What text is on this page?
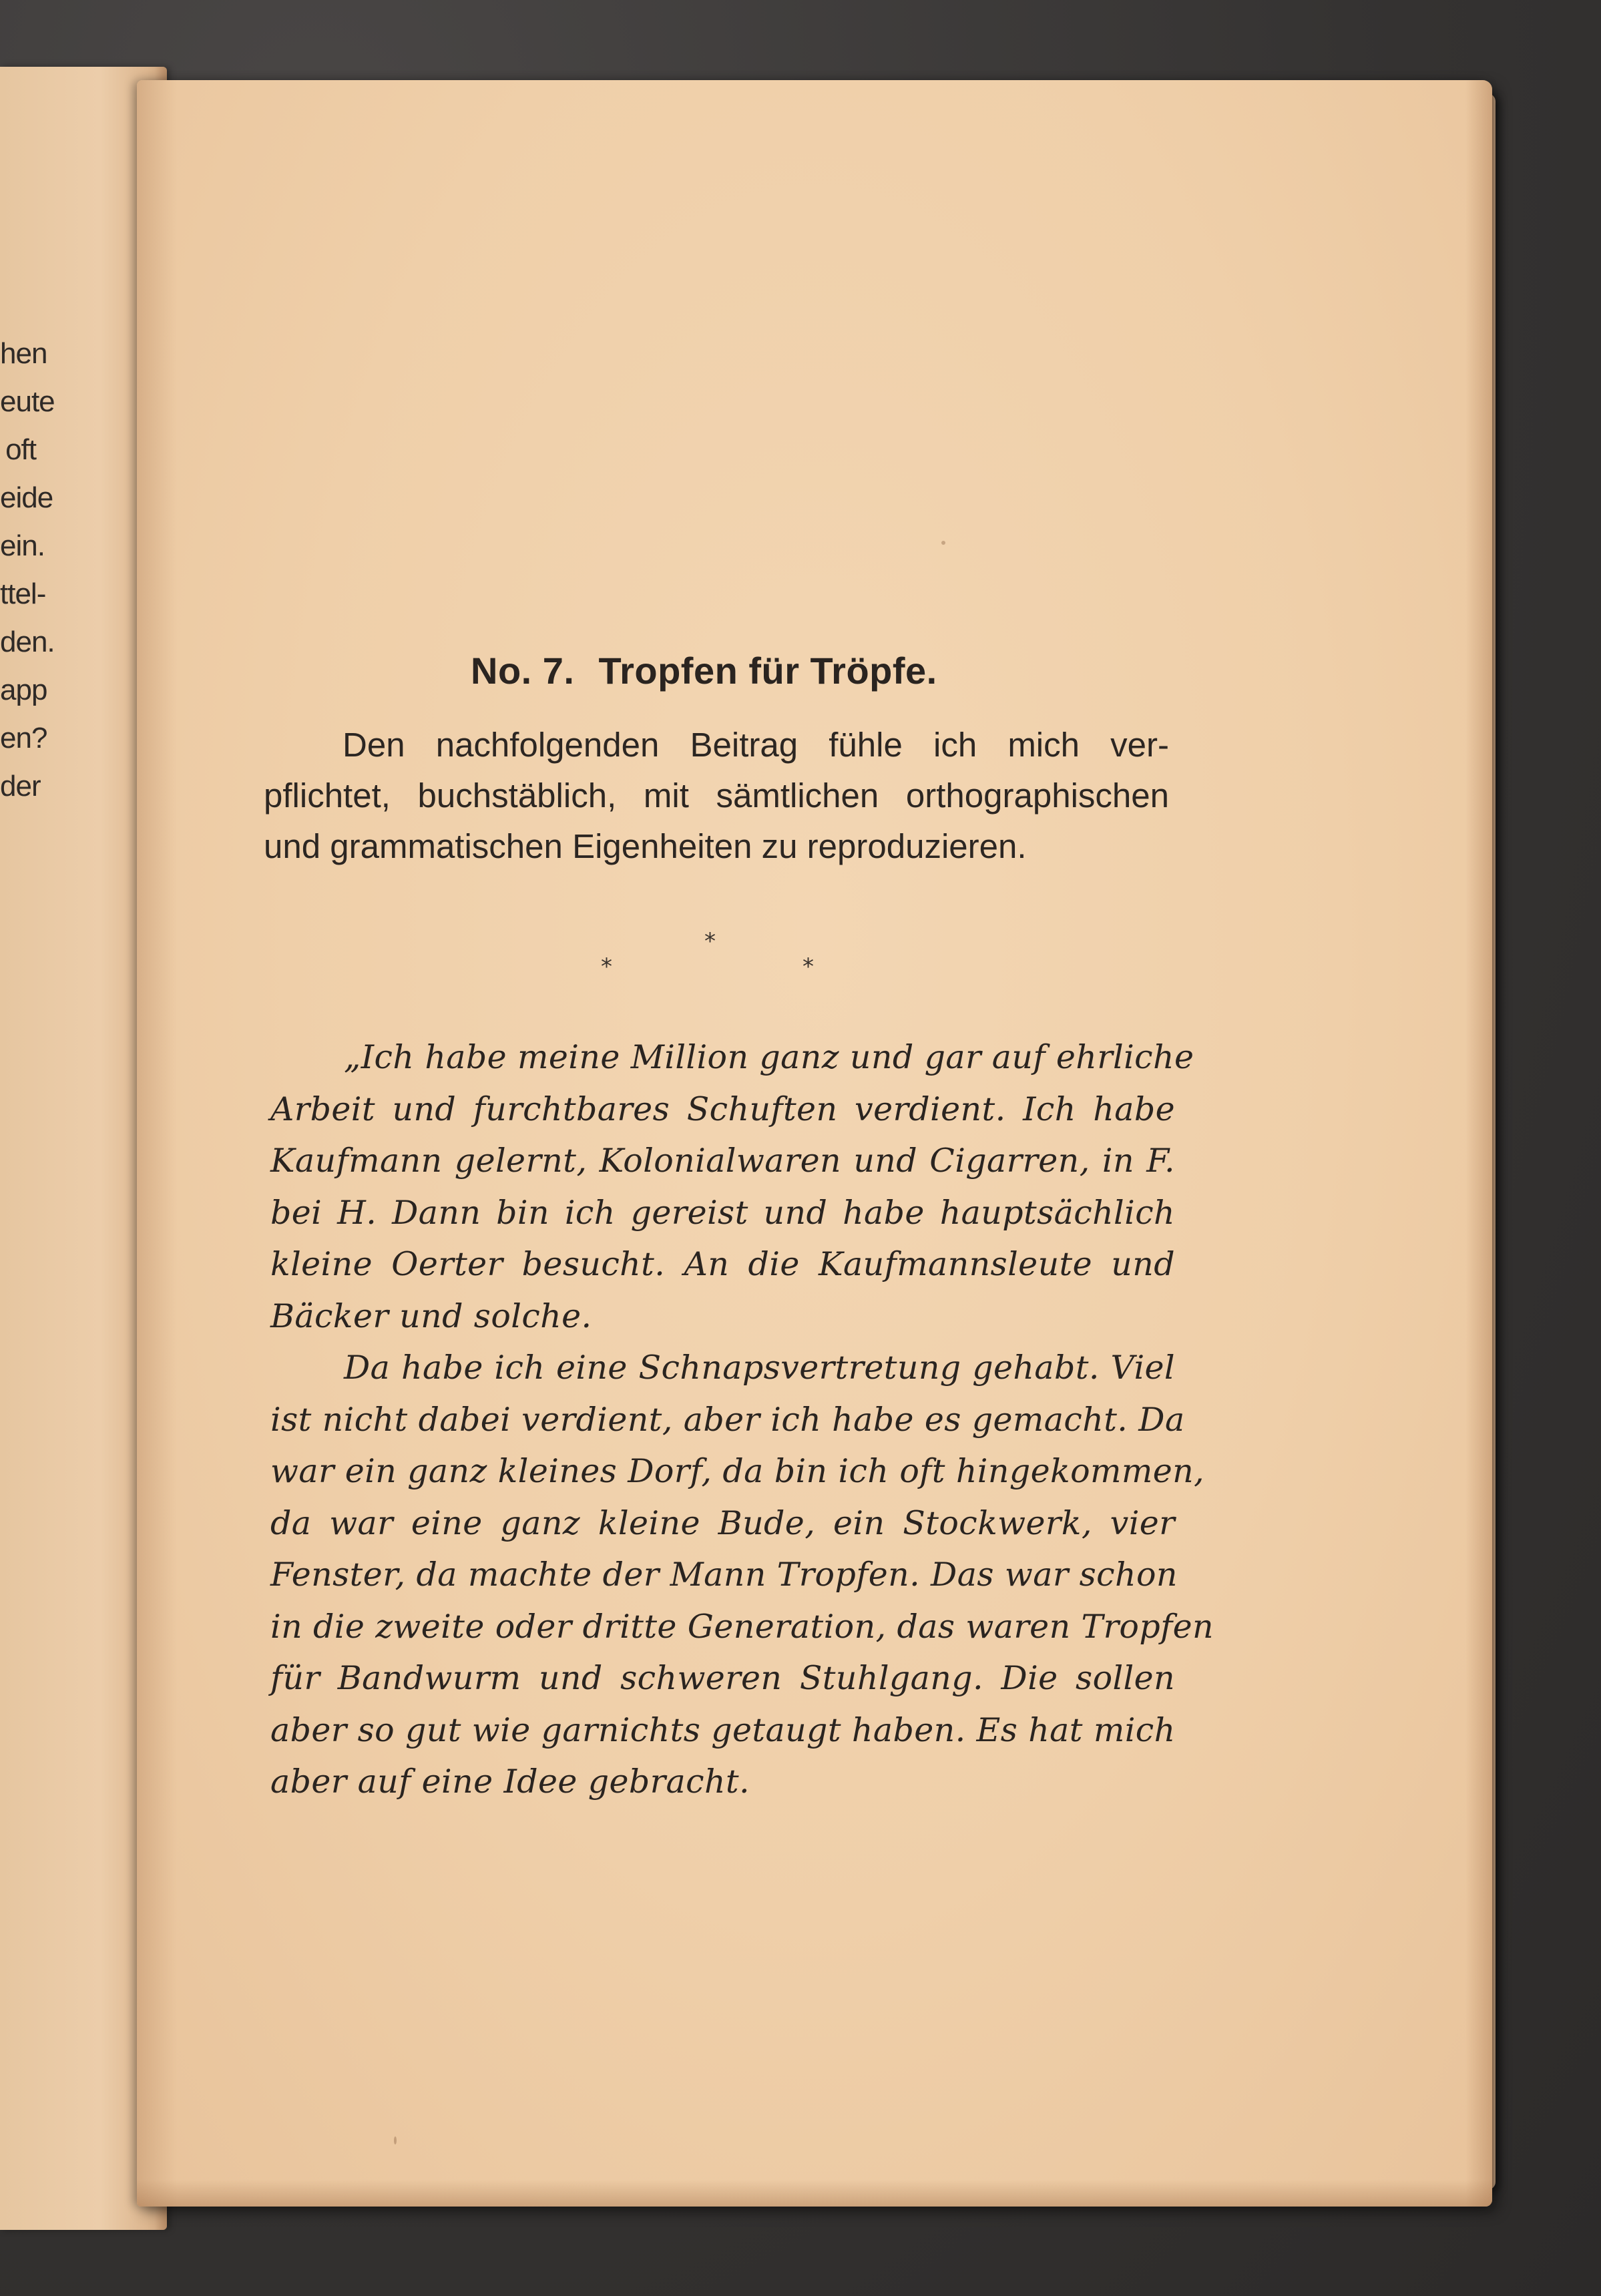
hen
eute
oft
eide
ein.
ttel-
den.
app
en?
der
No. 7. Tropfen für Tröpfe.
Den nachfolgenden Beitrag fühle ich mich ver-
pflichtet, buchstäblich, mit sämtlichen orthographischen
und grammatischen Eigenheiten zu reproduzieren.
*
*
*
„Ich habe meine Million ganz und gar auf ehrliche
Arbeit und furchtbares Schuften verdient. Ich habe
Kaufmann gelernt, Kolonialwaren und Cigarren, in F.
bei H. Dann bin ich gereist und habe hauptsächlich
kleine Oerter besucht. An die Kaufmannsleute und
Bäcker und solche.
Da habe ich eine Schnapsvertretung gehabt. Viel
ist nicht dabei verdient, aber ich habe es gemacht. Da
war ein ganz kleines Dorf, da bin ich oft hingekommen,
da war eine ganz kleine Bude, ein Stockwerk, vier
Fenster, da machte der Mann Tropfen. Das war schon
in die zweite oder dritte Generation, das waren Tropfen
für Bandwurm und schweren Stuhlgang. Die sollen
aber so gut wie garnichts getaugt haben. Es hat mich
aber auf eine Idee gebracht.
